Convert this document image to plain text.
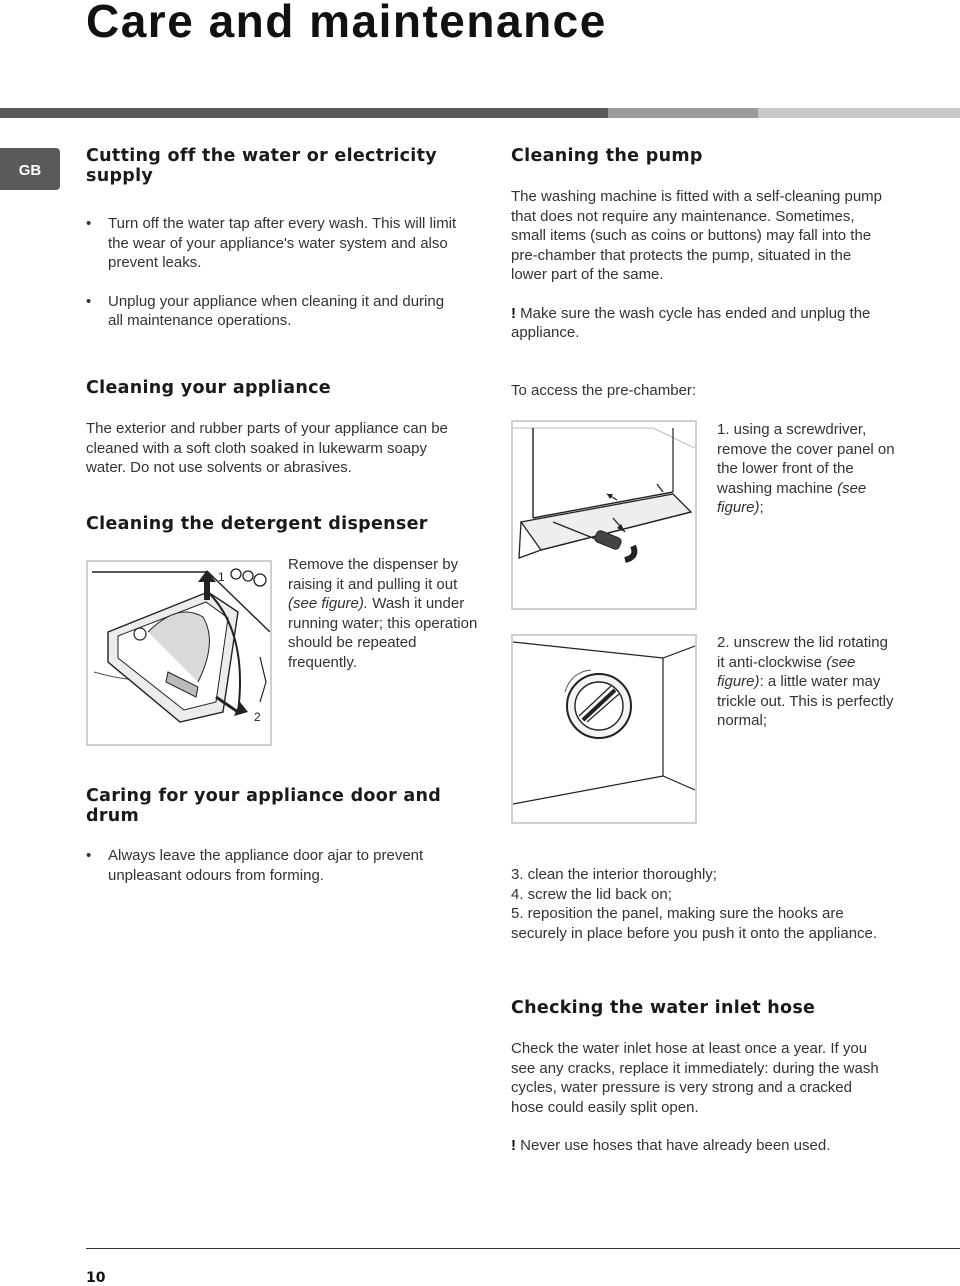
Care and maintenance
GB
Cutting off the water or electricity supply
• Turn off the water tap after every wash. This will limit the wear of your appliance's water system and also prevent leaks.
• Unplug your appliance when cleaning it and during all maintenance operations.
Cleaning your appliance

The exterior and rubber parts of your appliance can be cleaned with a soft cloth soaked in lukewarm soapy water. Do not use solvents or abrasives.

Cleaning the detergent dispenser
1
2

Remove the dispenser by raising it and pulling it out (see figure). Wash it under running water; this operation should be repeated frequently.

Caring for your appliance door and drum
• Always leave the appliance door ajar to prevent unpleasant odours from forming.
Cleaning the pump

The washing machine is fitted with a self-cleaning pump that does not require any maintenance. Sometimes, small items (such as coins or buttons) may fall into the pre-chamber that protects the pump, situated in the lower part of the same.

! Make sure the wash cycle has ended and unplug the appliance.

To access the pre-chamber:

1. using a screwdriver, remove the cover panel on the lower front of the washing machine (see figure);

2. unscrew the lid rotating it anti-clockwise (see figure): a little water may trickle out. This is perfectly normal;

3. clean the interior thoroughly;

4. screw the lid back on;

5. reposition the panel, making sure the hooks are securely in place before you push it onto the appliance.

Checking the water inlet hose

Check the water inlet hose at least once a year. If you see any cracks, replace it immediately: during the wash cycles, water pressure is very strong and a cracked hose could easily split open.

! Never use hoses that have already been used.

10
